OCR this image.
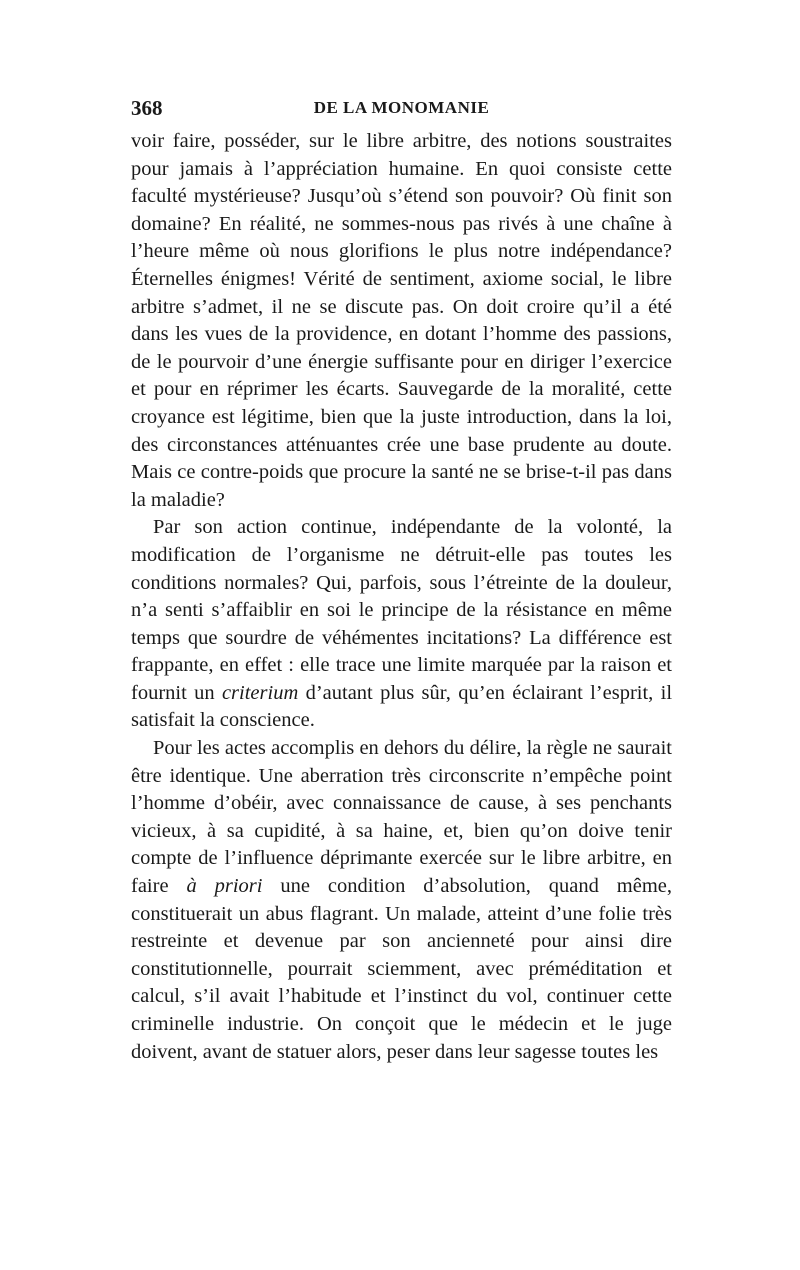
368	DE LA MONOMANIE

voir faire, posséder, sur le libre arbitre, des notions soustraites pour jamais à l’appréciation humaine. En quoi consiste cette faculté mystérieuse? Jusqu’où s’étend son pouvoir? Où finit son domaine? En réalité, ne sommes-nous pas rivés à une chaîne à l’heure même où nous glorifions le plus notre indépendance? Éternelles énigmes! Vérité de sentiment, axiome social, le libre arbitre s’admet, il ne se discute pas. On doit croire qu’il a été dans les vues de la providence, en dotant l’homme des passions, de le pourvoir d’une énergie suffisante pour en diriger l’exercice et pour en réprimer les écarts. Sauvegarde de la moralité, cette croyance est légitime, bien que la juste introduction, dans la loi, des circonstances atténuantes crée une base prudente au doute. Mais ce contre-poids que procure la santé ne se brise-t-il pas dans la maladie?

Par son action continue, indépendante de la volonté, la modification de l’organisme ne détruit-elle pas toutes les conditions normales? Qui, parfois, sous l’étreinte de la douleur, n’a senti s’affaiblir en soi le principe de la résistance en même temps que sourdre de véhémentes incitations? La différence est frappante, en effet : elle trace une limite marquée par la raison et fournit un criterium d’autant plus sûr, qu’en éclairant l’esprit, il satisfait la conscience.

Pour les actes accomplis en dehors du délire, la règle ne saurait être identique. Une aberration très circonscrite n’empêche point l’homme d’obéir, avec connaissance de cause, à ses penchants vicieux, à sa cupidité, à sa haine, et, bien qu’on doive tenir compte de l’influence déprimante exercée sur le libre arbitre, en faire à priori une condition d’absolution, quand même, constituerait un abus flagrant. Un malade, atteint d’une folie très restreinte et devenue par son ancienneté pour ainsi dire constitutionnelle, pourrait sciemment, avec préméditation et calcul, s’il avait l’habitude et l’instinct du vol, continuer cette criminelle industrie. On conçoit que le médecin et le juge doivent, avant de statuer alors, peser dans leur sagesse toutes les
